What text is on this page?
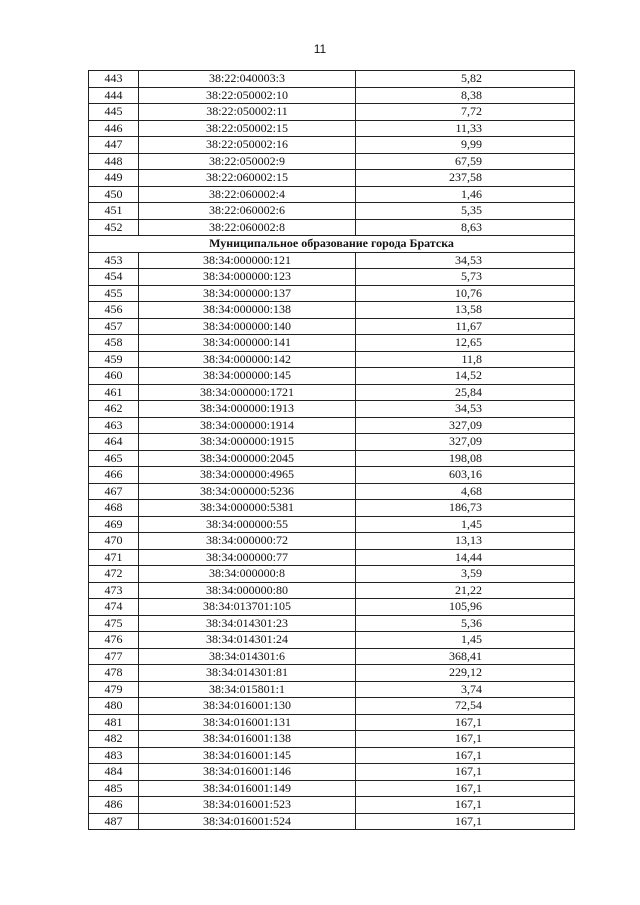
11
443	38:22:040003:3	5,82
444	38:22:050002:10	8,38
445	38:22:050002:11	7,72
446	38:22:050002:15	11,33
447	38:22:050002:16	9,99
448	38:22:050002:9	67,59
449	38:22:060002:15	237,58
450	38:22:060002:4	1,46
451	38:22:060002:6	5,35
452	38:22:060002:8	8,63
Муниципальное образование города Братска		
453	38:34:000000:121	34,53
454	38:34:000000:123	5,73
455	38:34:000000:137	10,76
456	38:34:000000:138	13,58
457	38:34:000000:140	11,67
458	38:34:000000:141	12,65
459	38:34:000000:142	11,8
460	38:34:000000:145	14,52
461	38:34:000000:1721	25,84
462	38:34:000000:1913	34,53
463	38:34:000000:1914	327,09
464	38:34:000000:1915	327,09
465	38:34:000000:2045	198,08
466	38:34:000000:4965	603,16
467	38:34:000000:5236	4,68
468	38:34:000000:5381	186,73
469	38:34:000000:55	1,45
470	38:34:000000:72	13,13
471	38:34:000000:77	14,44
472	38:34:000000:8	3,59
473	38:34:000000:80	21,22
474	38:34:013701:105	105,96
475	38:34:014301:23	5,36
476	38:34:014301:24	1,45
477	38:34:014301:6	368,41
478	38:34:014301:81	229,12
479	38:34:015801:1	3,74
480	38:34:016001:130	72,54
481	38:34:016001:131	167,1
482	38:34:016001:138	167,1
483	38:34:016001:145	167,1
484	38:34:016001:146	167,1
485	38:34:016001:149	167,1
486	38:34:016001:523	167,1
487	38:34:016001:524	167,1
